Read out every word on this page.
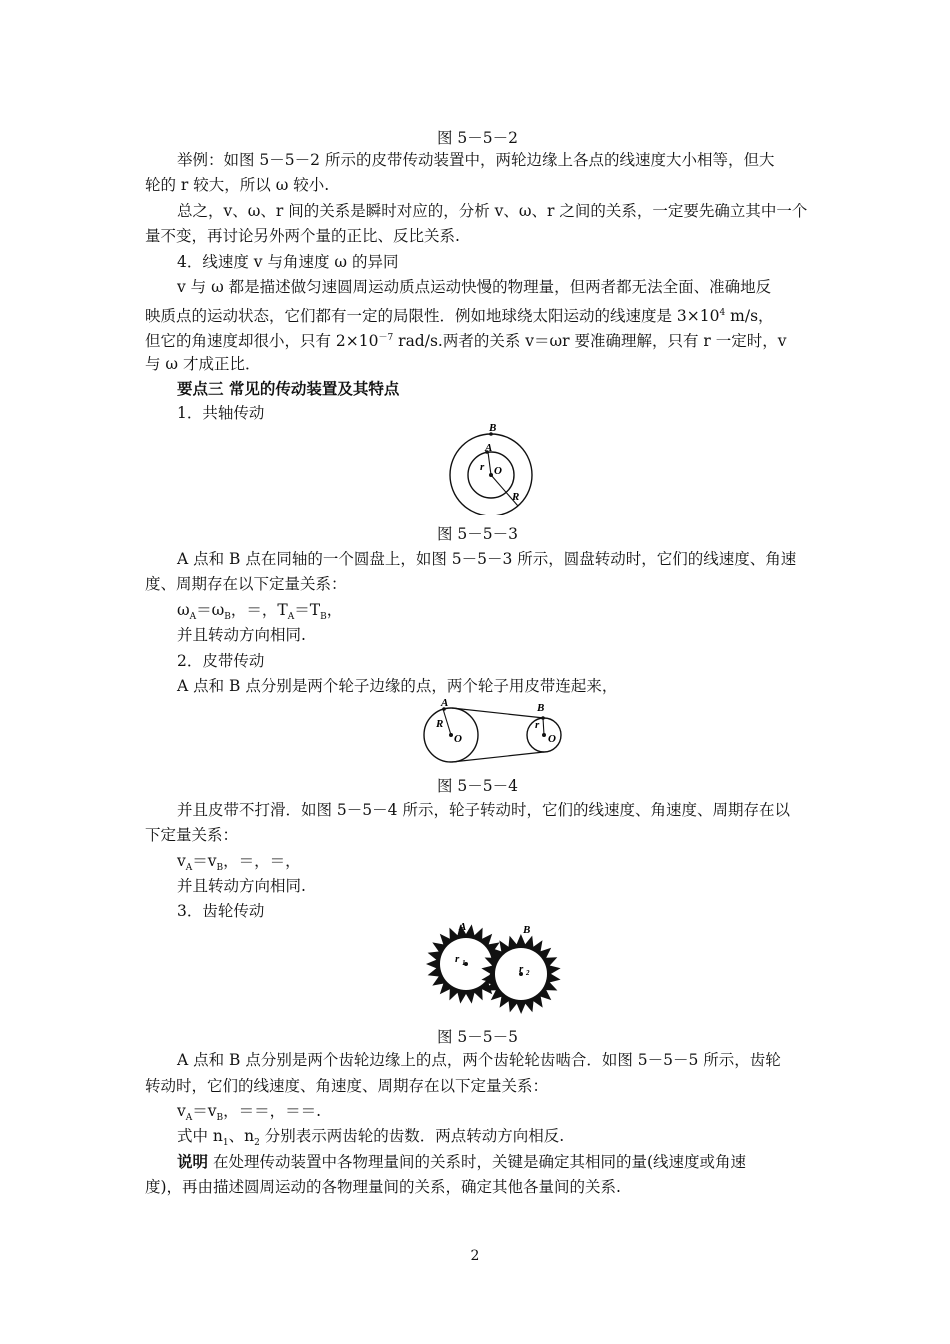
图 5－5－2
举例：如图 5－5－2 所示的皮带传动装置中，两轮边缘上各点的线速度大小相等，但大
轮的 r 较大，所以 ω 较小.
总之，v、ω、r 间的关系是瞬时对应的，分析 v、ω、r 之间的关系，一定要先确立其中一个
量不变，再讨论另外两个量的正比、反比关系.
4．线速度 v 与角速度 ω 的异同
v 与 ω 都是描述做匀速圆周运动质点运动快慢的物理量，但两者都无法全面、准确地反
映质点的运动状态，它们都有一定的局限性．例如地球绕太阳运动的线速度是 $3\times 10^4$ m/s，
但它的角速度却很小，只有 $2\times 10^{-7}$ rad/s.两者的关系 v＝ωr 要准确理解，只有 r 一定时，v
与 ω 才成正比．
要点三 常见的传动装置及其特点
1．共轴传动
B
A
r O
R
图 5－5－3
A 点和 B 点在同轴的一个圆盘上，如图 5－5－3 所示，圆盘转动时，它们的线速度、角速
度、周期存在以下定量关系：
$\omega_A=\omega_B$，＝，$T_A=T_B$，
并且转动方向相同.
2．皮带传动
A 点和 B 点分别是两个轮子边缘的点，两个轮子用皮带连起来，
A
R
O
B
r
O
图 5－5－4
并且皮带不打滑．如图 5－5－4 所示，轮子转动时，它们的线速度、角速度、周期存在以
下定量关系：
$v_A=v_B$，＝，＝，
并且转动方向相同.
3．齿轮传动
A	B
r 1	r 2
图 5－5－5
A 点和 B 点分别是两个齿轮边缘上的点，两个齿轮轮齿啮合．如图 5－5－5 所示，齿轮
转动时，它们的线速度、角速度、周期存在以下定量关系：
$v_A=v_B$，＝＝，＝＝.
式中 $n_1$、$n_2$ 分别表示两齿轮的齿数．两点转动方向相反.
说明 在处理传动装置中各物理量间的关系时，关键是确定其相同的量(线速度或角速
度)，再由描述圆周运动的各物理量间的关系，确定其他各量间的关系.
2
